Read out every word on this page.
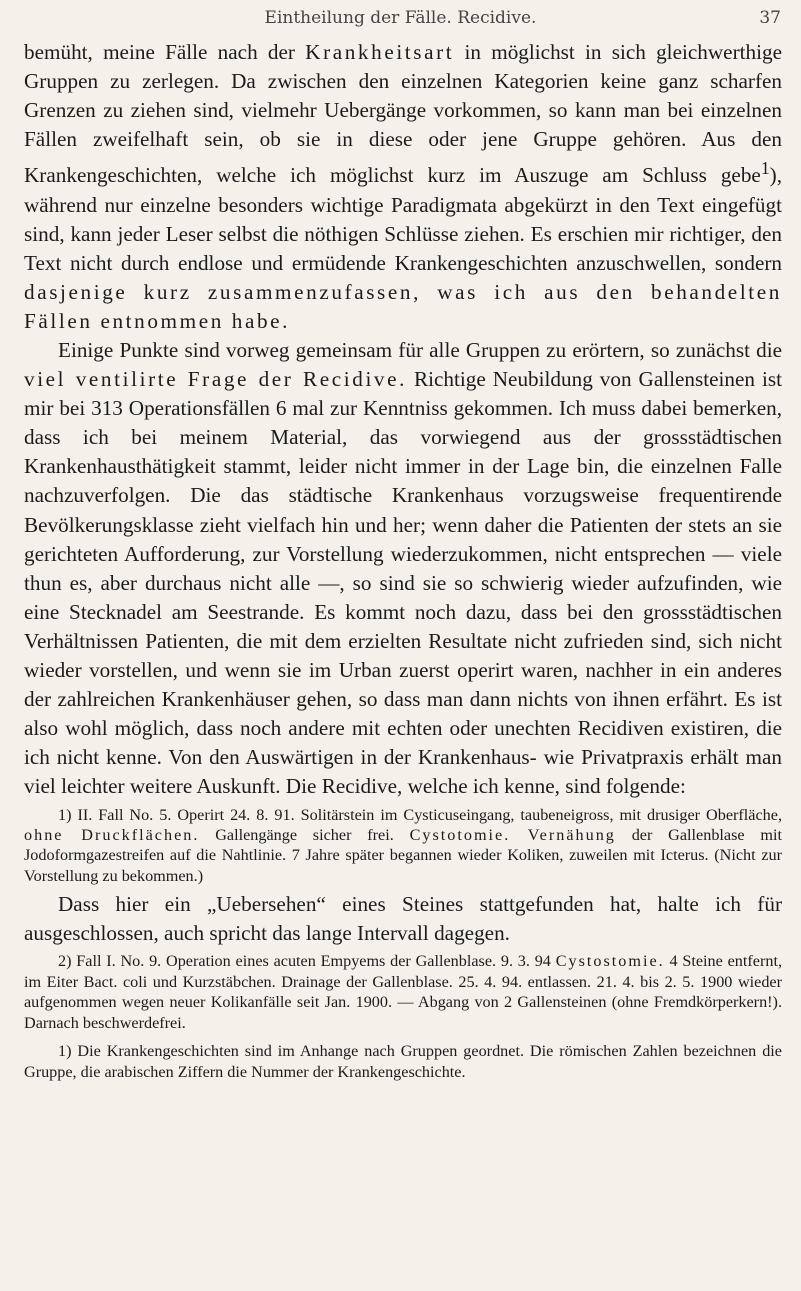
Eintheilung der Fälle. Recidive.	37

bemüht, meine Fälle nach der Krankheitsart in möglichst in sich gleichwerthige Gruppen zu zerlegen. Da zwischen den einzelnen Kategorien keine ganz scharfen Grenzen zu ziehen sind, vielmehr Uebergänge vorkommen, so kann man bei einzelnen Fällen zweifelhaft sein, ob sie in diese oder jene Gruppe gehören. Aus den Krankengeschichten, welche ich möglichst kurz im Auszuge am Schluss gebe$^1$), während nur einzelne besonders wichtige Paradigmata abgekürzt in den Text eingefügt sind, kann jeder Leser selbst die nöthigen Schlüsse ziehen. Es erschien mir richtiger, den Text nicht durch endlose und ermüdende Krankengeschichten anzuschwellen, sondern dasjenige kurz zusammenzufassen, was ich aus den behandelten Fällen entnommen habe.

Einige Punkte sind vorweg gemeinsam für alle Gruppen zu erörtern, so zunächst die viel ventilirte Frage der Recidive. Richtige Neubildung von Gallensteinen ist mir bei 313 Operationsfällen 6 mal zur Kenntniss gekommen. Ich muss dabei bemerken, dass ich bei meinem Material, das vorwiegend aus der grossstädtischen Krankenhausthätigkeit stammt, leider nicht immer in der Lage bin, die einzelnen Falle nachzuverfolgen. Die das städtische Krankenhaus vorzugsweise frequentirende Bevölkerungsklasse zieht vielfach hin und her; wenn daher die Patienten der stets an sie gerichteten Aufforderung, zur Vorstellung wiederzukommen, nicht entsprechen — viele thun es, aber durchaus nicht alle —, so sind sie so schwierig wieder aufzufinden, wie eine Stecknadel am Seestrande. Es kommt noch dazu, dass bei den grossstädtischen Verhältnissen Patienten, die mit dem erzielten Resultate nicht zufrieden sind, sich nicht wieder vorstellen, und wenn sie im Urban zuerst operirt waren, nachher in ein anderes der zahlreichen Krankenhäuser gehen, so dass man dann nichts von ihnen erfährt. Es ist also wohl möglich, dass noch andere mit echten oder unechten Recidiven existiren, die ich nicht kenne. Von den Auswärtigen in der Krankenhaus- wie Privatpraxis erhält man viel leichter weitere Auskunft. Die Recidive, welche ich kenne, sind folgende:

1) II. Fall No. 5. Operirt 24. 8. 91. Solitärstein im Cysticuseingang, taubeneigross, mit drusiger Oberfläche, ohne Druckflächen. Gallengänge sicher frei. Cystotomie. Vernähung der Gallenblase mit Jodoformgazestreifen auf die Nahtlinie. 7 Jahre später begannen wieder Koliken, zuweilen mit Icterus. (Nicht zur Vorstellung zu bekommen.)

Dass hier ein „Uebersehen“ eines Steines stattgefunden hat, halte ich für ausgeschlossen, auch spricht das lange Intervall dagegen.

2) Fall I. No. 9. Operation eines acuten Empyems der Gallenblase. 9. 3. 94 Cystostomie. 4 Steine entfernt, im Eiter Bact. coli und Kurzstäbchen. Drainage der Gallenblase. 25. 4. 94. entlassen. 21. 4. bis 2. 5. 1900 wieder aufgenommen wegen neuer Kolikanfälle seit Jan. 1900. — Abgang von 2 Gallensteinen (ohne Fremdkörperkern!). Darnach beschwerdefrei.

1) Die Krankengeschichten sind im Anhange nach Gruppen geordnet. Die römischen Zahlen bezeichnen die Gruppe, die arabischen Ziffern die Nummer der Krankengeschichte.
